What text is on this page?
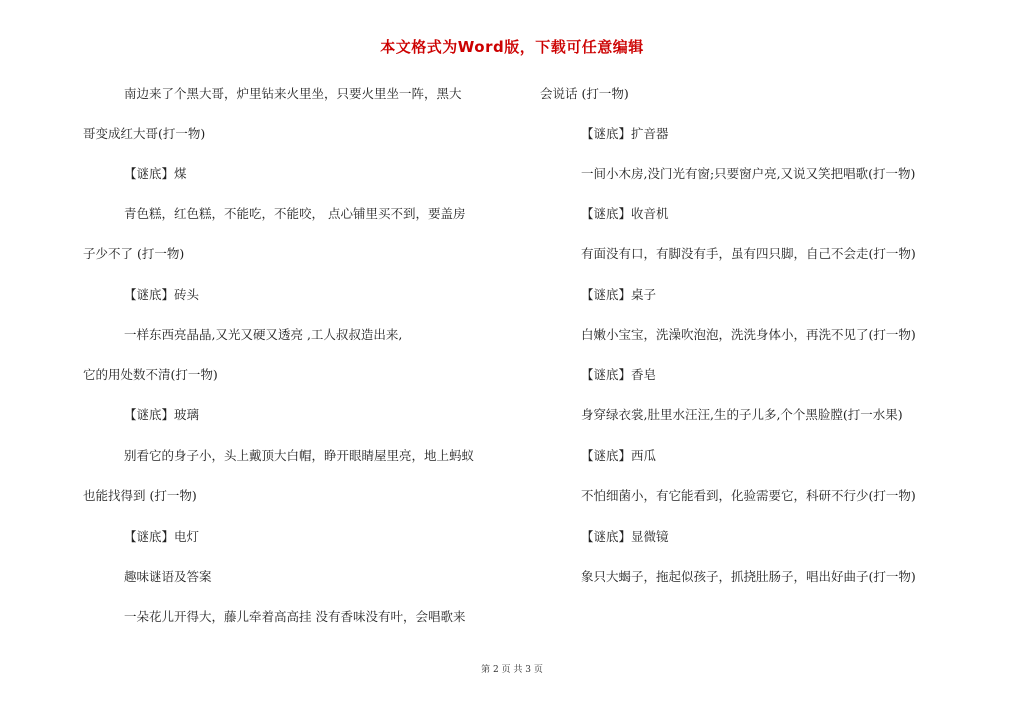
本文格式为Word版，下载可任意编辑
南边来了个黑大哥，炉里钻来火里坐，只要火里坐一阵，黑大
哥变成红大哥(打一物)
【谜底】煤
青色糕，红色糕，不能吃，不能咬， 点心铺里买不到，要盖房
子少不了 (打一物)
【谜底】砖头
一样东西亮晶晶,又光又硬又透亮 ,工人叔叔造出来,
它的用处数不清(打一物)
【谜底】玻璃
别看它的身子小，头上戴顶大白帽，睁开眼睛屋里亮，地上蚂蚁
也能找得到 (打一物)
【谜底】电灯
趣味谜语及答案
一朵花儿开得大，藤儿牵着高高挂 没有香味没有叶，会唱歌来
会说话 (打一物)
【谜底】扩音器
一间小木房,没门光有窗;只要窗户亮,又说又笑把唱歌(打一物)
【谜底】收音机
有面没有口，有脚没有手，虽有四只脚，自己不会走(打一物)
【谜底】桌子
白嫩小宝宝，洗澡吹泡泡，洗洗身体小，再洗不见了(打一物)
【谜底】香皂
身穿绿衣裳,肚里水汪汪,生的子儿多,个个黑脸膛(打一水果)
【谜底】西瓜
不怕细菌小，有它能看到，化验需要它，科研不行少(打一物)
【谜底】显微镜
象只大蝎子，拖起似孩子，抓挠肚肠子，唱出好曲子(打一物)
第 2 页 共 3 页
